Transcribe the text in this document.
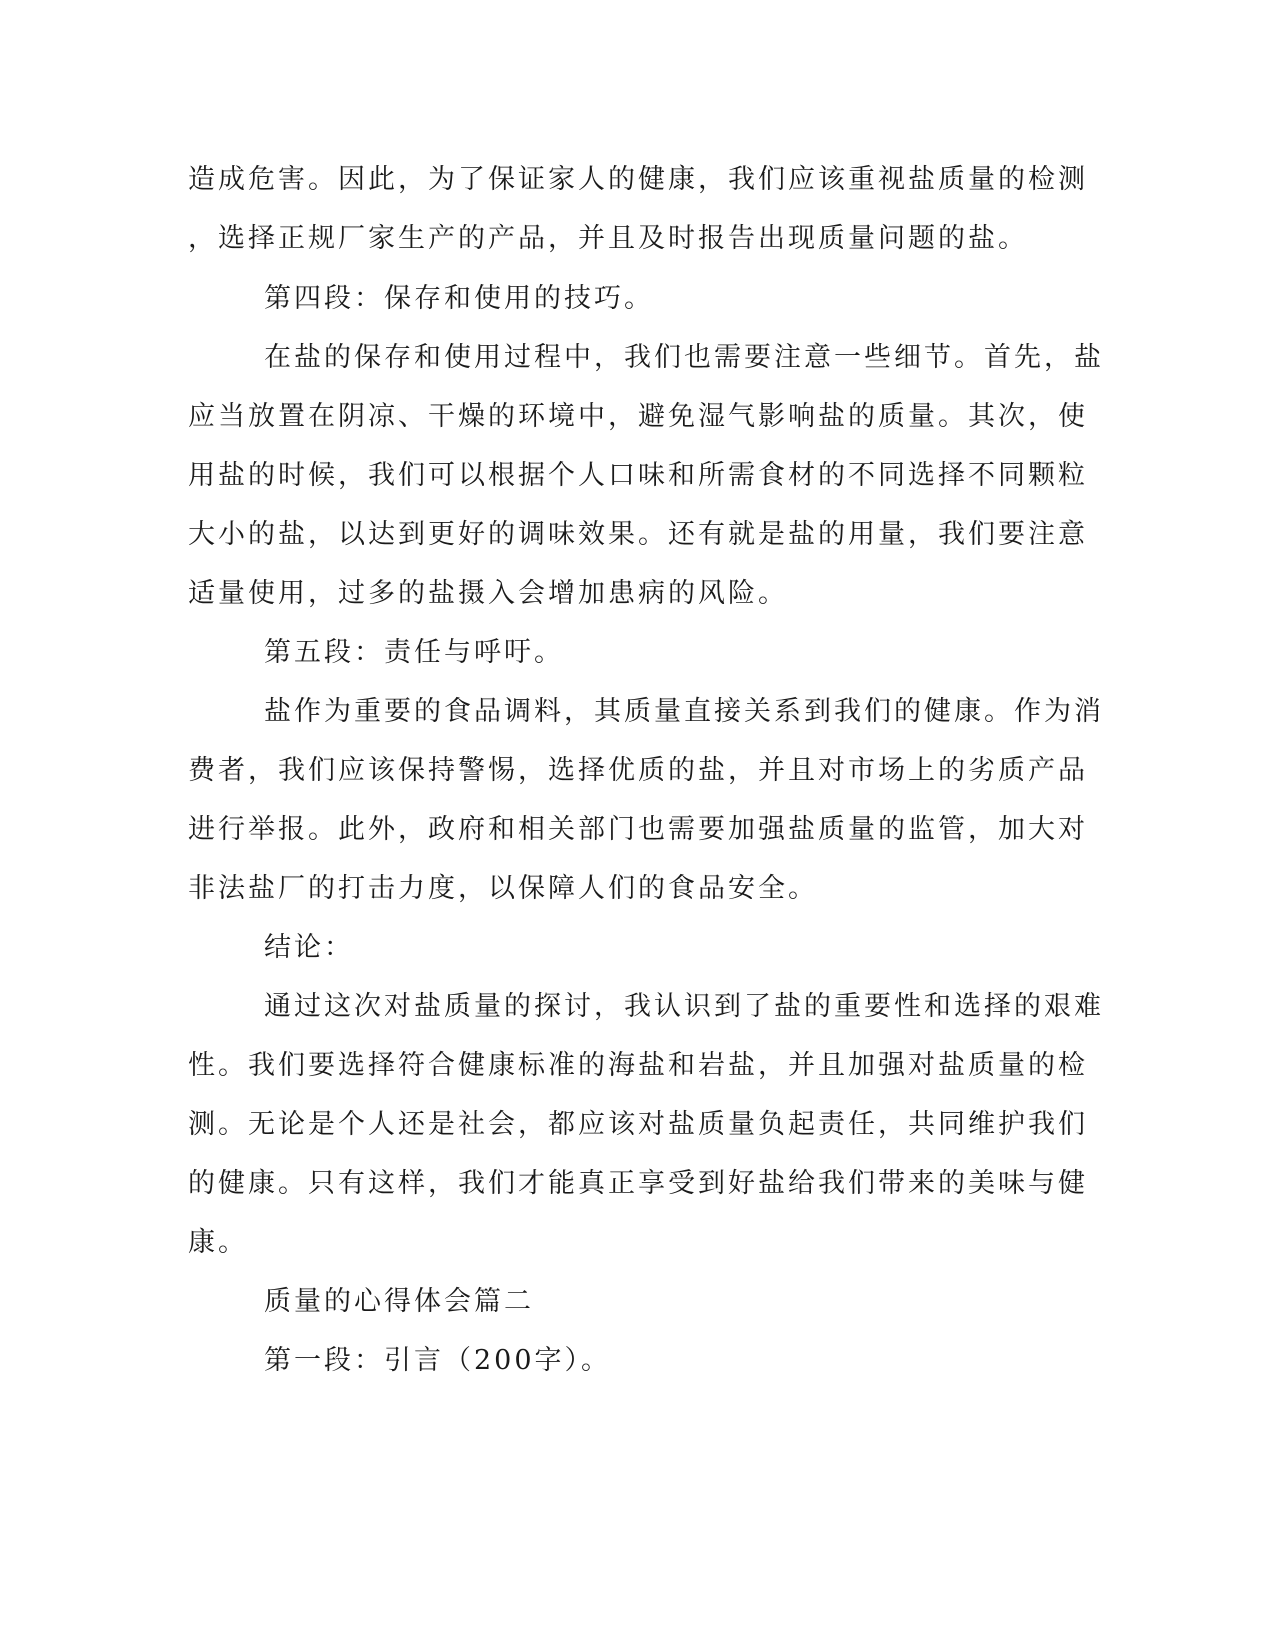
造成危害。因此，为了保证家人的健康，我们应该重视盐质量的检测
，选择正规厂家生产的产品，并且及时报告出现质量问题的盐。
第四段：保存和使用的技巧。
在盐的保存和使用过程中，我们也需要注意一些细节。首先，盐
应当放置在阴凉、干燥的环境中，避免湿气影响盐的质量。其次，使
用盐的时候，我们可以根据个人口味和所需食材的不同选择不同颗粒
大小的盐，以达到更好的调味效果。还有就是盐的用量，我们要注意
适量使用，过多的盐摄入会增加患病的风险。
第五段：责任与呼吁。
盐作为重要的食品调料，其质量直接关系到我们的健康。作为消
费者，我们应该保持警惕，选择优质的盐，并且对市场上的劣质产品
进行举报。此外，政府和相关部门也需要加强盐质量的监管，加大对
非法盐厂的打击力度，以保障人们的食品安全。
结论：
通过这次对盐质量的探讨，我认识到了盐的重要性和选择的艰难
性。我们要选择符合健康标准的海盐和岩盐，并且加强对盐质量的检
测。无论是个人还是社会，都应该对盐质量负起责任，共同维护我们
的健康。只有这样，我们才能真正享受到好盐给我们带来的美味与健
康。
质量的心得体会篇二
第一段：引言（200字）。
